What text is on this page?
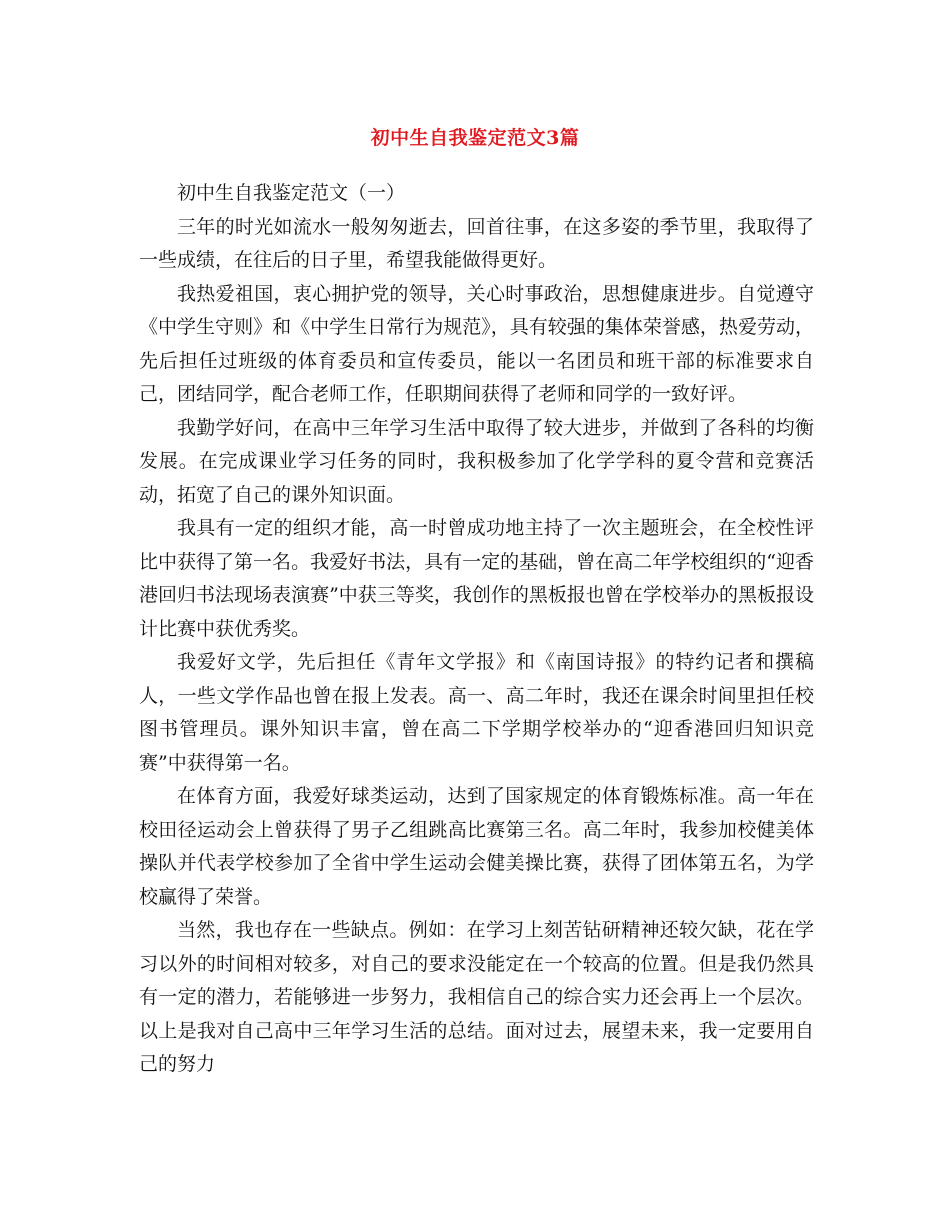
初中生自我鉴定范文3篇

初中生自我鉴定范文（一）

三年的时光如流水一般匆匆逝去，回首往事，在这多姿的季节里，我取得了一些成绩，在往后的日子里，希望我能做得更好。

我热爱祖国，衷心拥护党的领导，关心时事政治，思想健康进步。自觉遵守《中学生守则》和《中学生日常行为规范》，具有较强的集体荣誉感，热爱劳动，先后担任过班级的体育委员和宣传委员，能以一名团员和班干部的标准要求自己，团结同学，配合老师工作，任职期间获得了老师和同学的一致好评。

我勤学好问，在高中三年学习生活中取得了较大进步，并做到了各科的均衡发展。在完成课业学习任务的同时，我积极参加了化学学科的夏令营和竞赛活动，拓宽了自己的课外知识面。

我具有一定的组织才能，高一时曾成功地主持了一次主题班会，在全校性评比中获得了第一名。我爱好书法，具有一定的基础，曾在高二年学校组织的“迎香港回归书法现场表演赛”中获三等奖，我创作的黑板报也曾在学校举办的黑板报设计比赛中获优秀奖。

我爱好文学，先后担任《青年文学报》和《南国诗报》的特约记者和撰稿人，一些文学作品也曾在报上发表。高一、高二年时，我还在课余时间里担任校图书管理员。课外知识丰富，曾在高二下学期学校举办的“迎香港回归知识竞赛”中获得第一名。

在体育方面，我爱好球类运动，达到了国家规定的体育锻炼标准。高一年在校田径运动会上曾获得了男子乙组跳高比赛第三名。高二年时，我参加校健美体操队并代表学校参加了全省中学生运动会健美操比赛，获得了团体第五名，为学校赢得了荣誉。

当然，我也存在一些缺点。例如：在学习上刻苦钻研精神还较欠缺，花在学习以外的时间相对较多，对自己的要求没能定在一个较高的位置。但是我仍然具有一定的潜力，若能够进一步努力，我相信自己的综合实力还会再上一个层次。以上是我对自己高中三年学习生活的总结。面对过去，展望未来，我一定要用自己的努力
